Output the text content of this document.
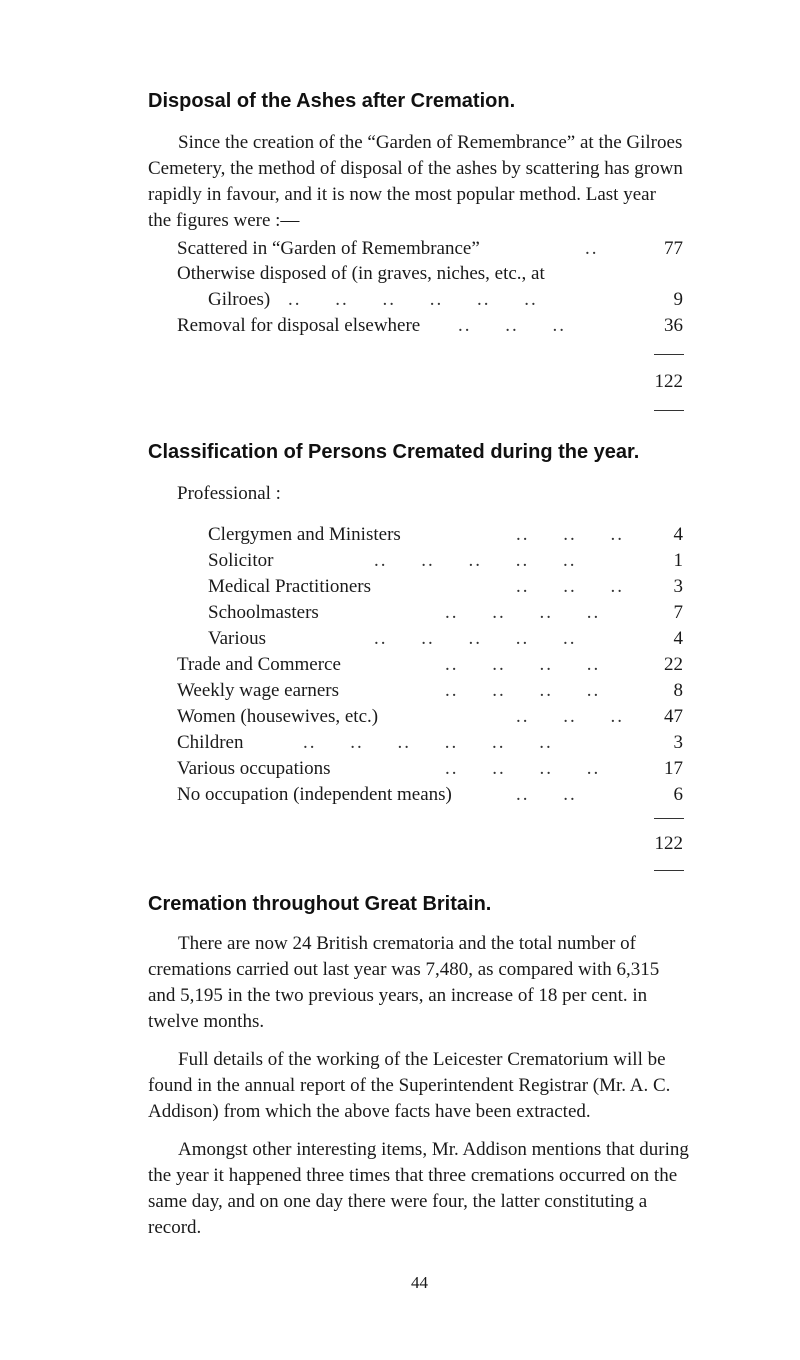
Disposal of the Ashes after Cremation.
Since the creation of the “Garden of Remembrance” at the Gilroes
Cemetery, the method of disposal of the ashes by scattering has grown
rapidly in favour, and it is now the most popular method. Last year
the figures were :—
Scattered in “Garden of Remembrance”	..	77
Otherwise disposed of (in graves, niches, etc., at
Gilroes) ..     ..     ..     ..     ..     ..	9
Removal for disposal elsewhere ..     ..     ..	36
122
Classification of Persons Cremated during the year.
Professional :
Clergymen and Ministers	..     ..     ..	4
Solicitor	..     ..     ..     ..     ..	1
Medical Practitioners	..     ..     ..	3
Schoolmasters	..     ..     ..     ..	7
Various	..     ..     ..     ..     ..	4
Trade and Commerce	..     ..     ..     ..	22
Weekly wage earners	..     ..     ..     ..	8
Women (housewives, etc.)	..     ..     ..	47
Children	..     ..     ..     ..     ..     ..	3
Various occupations	..     ..     ..     ..	17
No occupation (independent means)	..     ..	6
122
Cremation throughout Great Britain.
There are now 24 British crematoria and the total number of
cremations carried out last year was 7,480, as compared with 6,315
and 5,195 in the two previous years, an increase of 18 per cent. in
twelve months.
Full details of the working of the Leicester Crematorium will be
found in the annual report of the Superintendent Registrar (Mr. A. C.
Addison) from which the above facts have been extracted.
Amongst other interesting items, Mr. Addison mentions that during
the year it happened three times that three cremations occurred on the
same day, and on one day there were four, the latter constituting a
record.
44
